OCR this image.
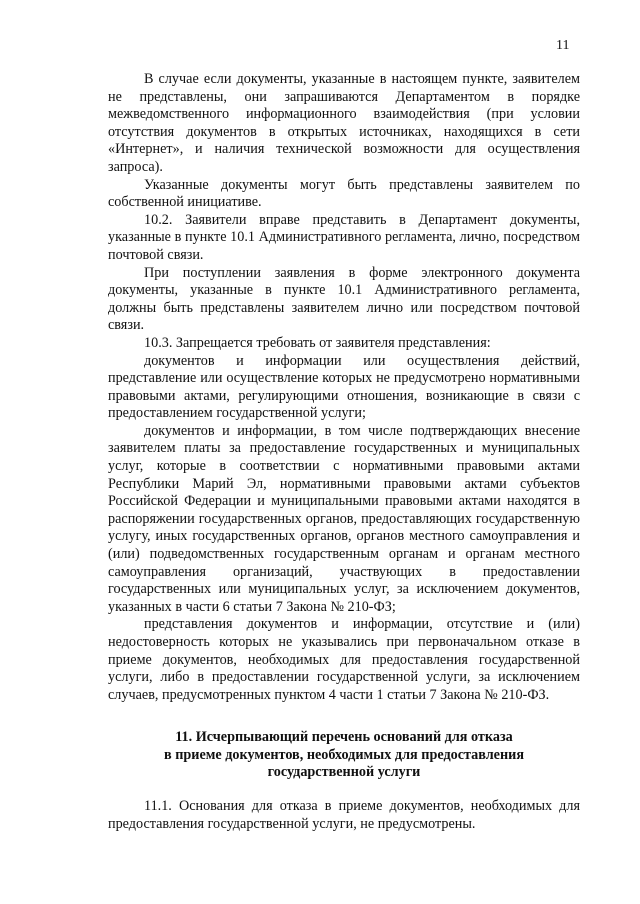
11

В случае если документы, указанные в настоящем пункте, заявителем не представлены, они запрашиваются Департаментом в порядке межведомственного информационного взаимодействия (при условии отсутствия документов в открытых источниках, находящихся в сети «Интернет», и наличия технической возможности для осуществления запроса).

Указанные документы могут быть представлены заявителем по собственной инициативе.

10.2. Заявители вправе представить в Департамент документы, указанные в пункте 10.1 Административного регламента, лично, посредством почтовой связи.

При поступлении заявления в форме электронного документа документы, указанные в пункте 10.1 Административного регламента, должны быть представлены заявителем лично или посредством почтовой связи.

10.3. Запрещается требовать от заявителя представления:

документов и информации или осуществления действий, представление или осуществление которых не предусмотрено нормативными правовыми актами, регулирующими отношения, возникающие в связи с предоставлением государственной услуги;

документов и информации, в том числе подтверждающих внесение заявителем платы за предоставление государственных и муниципальных услуг, которые в соответствии с нормативными правовыми актами Республики Марий Эл, нормативными правовыми актами субъектов Российской Федерации и муниципальными правовыми актами находятся в распоряжении государственных органов, предоставляющих государственную услугу, иных государственных органов, органов местного самоуправления и (или) подведомственных государственным органам и органам местного самоуправления организаций, участвующих в предоставлении государственных или муниципальных услуг, за исключением документов, указанных в части 6 статьи 7 Закона № 210-ФЗ;

представления документов и информации, отсутствие и (или) недостоверность которых не указывались при первоначальном отказе в приеме документов, необходимых для предоставления государственной услуги, либо в предоставлении государственной услуги, за исключением случаев, предусмотренных пунктом 4 части 1 статьи 7 Закона № 210-ФЗ.

11. Исчерпывающий перечень оснований для отказа
в приеме документов, необходимых для предоставления
государственной услуги

11.1. Основания для отказа в приеме документов, необходимых для предоставления государственной услуги, не предусмотрены.
